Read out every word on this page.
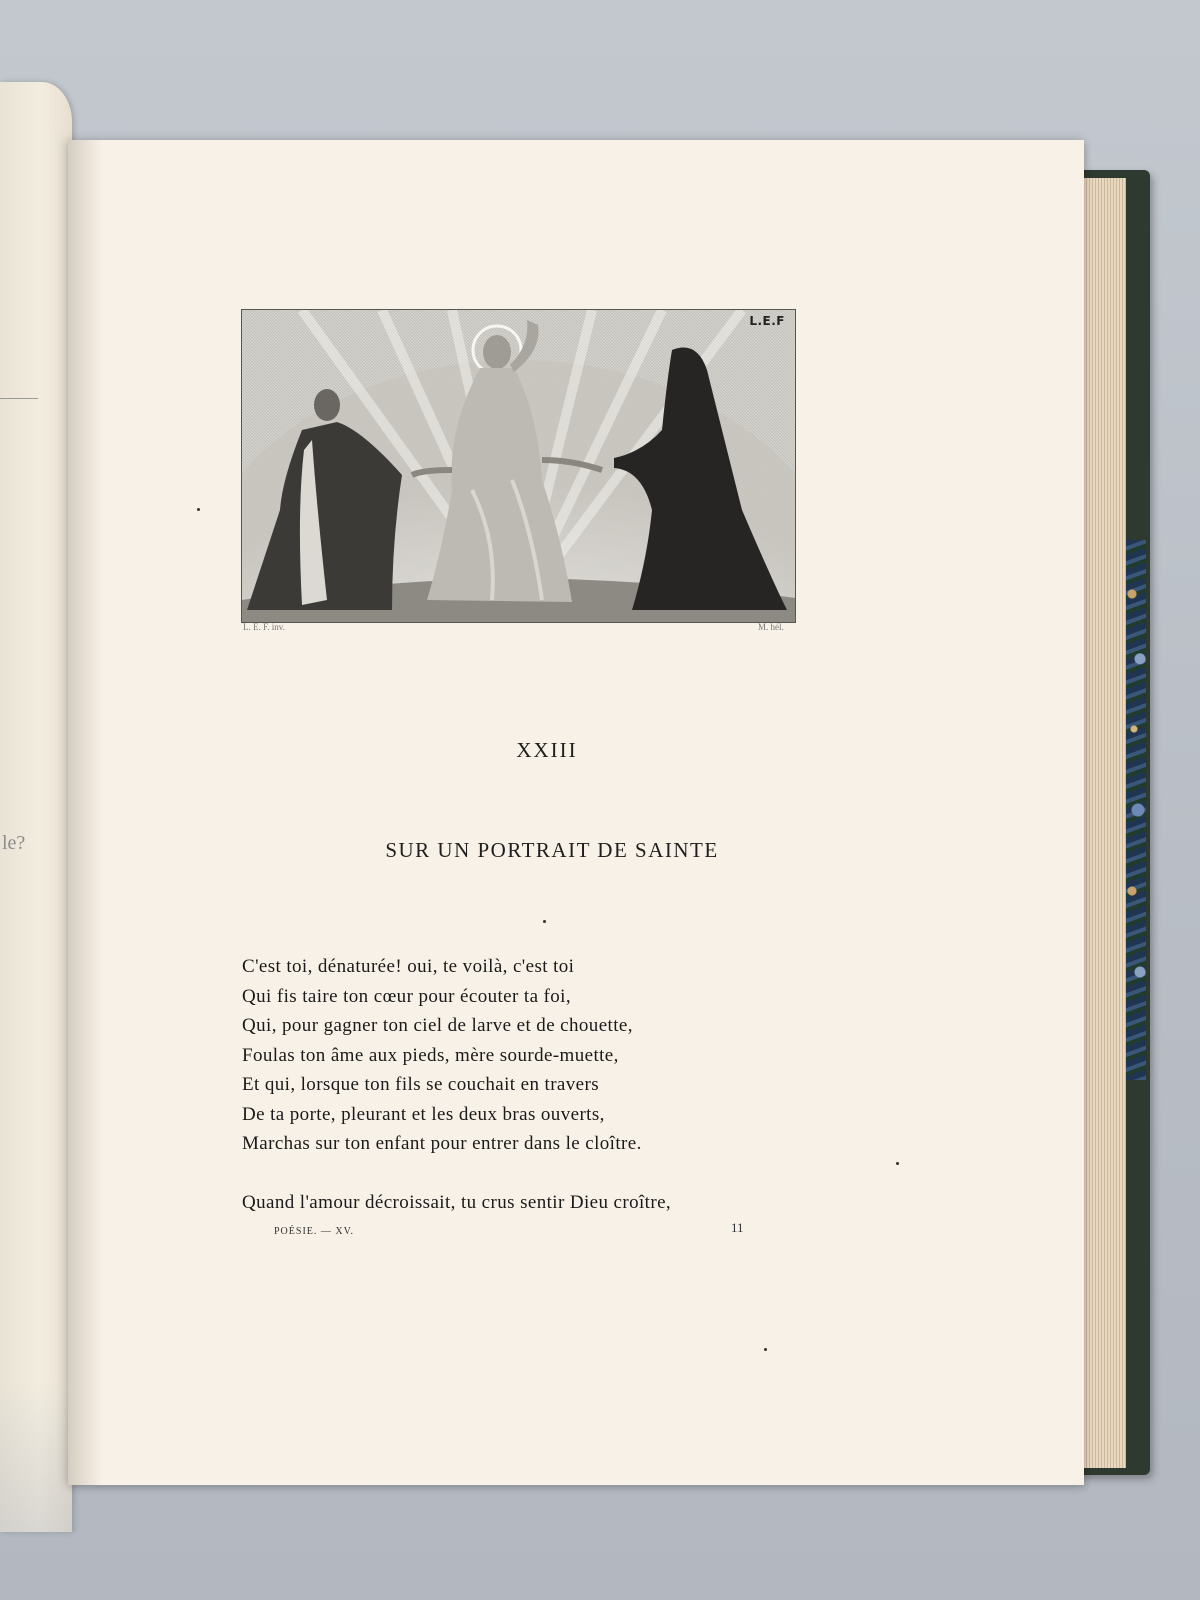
le?
L.E.F
L. E. F. inv.	M. hél.
XXIII
SUR UN PORTRAIT DE SAINTE
C'est toi, dénaturée! oui, te voilà, c'est toi
Qui fis taire ton cœur pour écouter ta foi,
Qui, pour gagner ton ciel de larve et de chouette,
Foulas ton âme aux pieds, mère sourde-muette,
Et qui, lorsque ton fils se couchait en travers
De ta porte, pleurant et les deux bras ouverts,
Marchas sur ton enfant pour entrer dans le cloître.
Quand l'amour décroissait, tu crus sentir Dieu croître,
POÉSIE. — XV.	11
